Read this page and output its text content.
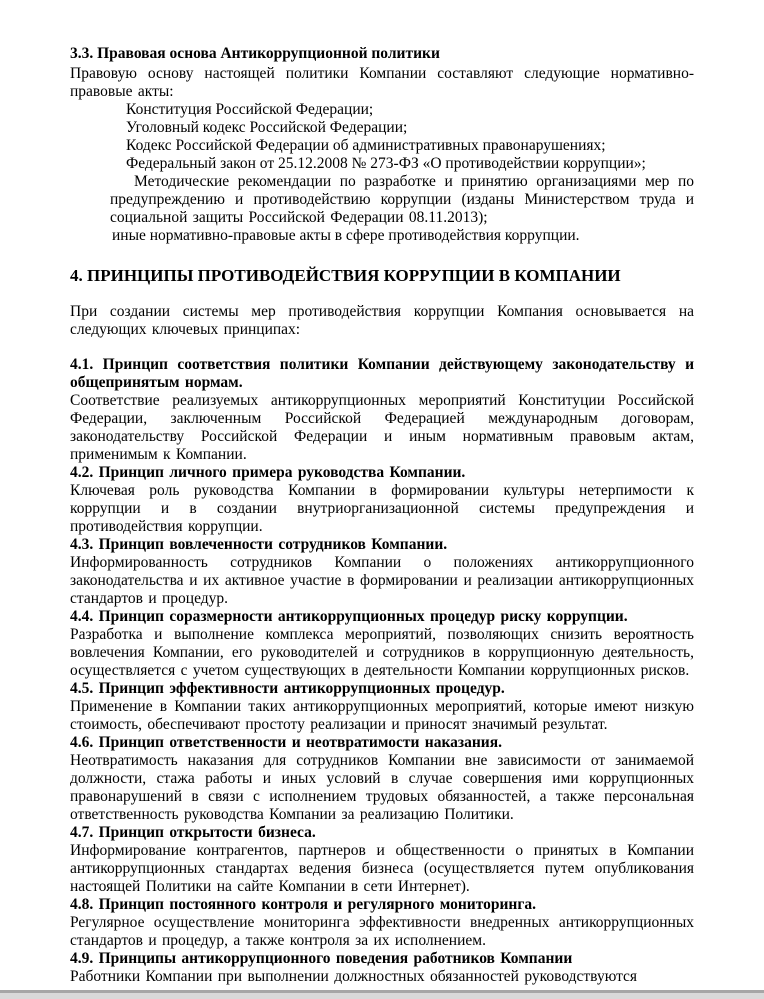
3.3. Правовая основа Антикоррупционной политики

Правовую основу настоящей политики Компании составляют следующие нормативно-правовые акты:

Конституция Российской Федерации;

Уголовный кодекс Российской Федерации;

Кодекс Российской Федерации об административных правонарушениях;

Федеральный закон от 25.12.2008 № 273-ФЗ «О противодействии коррупции»;

Методические рекомендации по разработке и принятию организациями мер по предупреждению и противодействию коррупции (изданы Министерством труда и социальной защиты Российской Федерации 08.11.2013);

иные нормативно-правовые акты в сфере противодействия коррупции.

4. ПРИНЦИПЫ ПРОТИВОДЕЙСТВИЯ КОРРУПЦИИ В КОМПАНИИ

При создании системы мер противодействия коррупции Компания основывается на следующих ключевых принципах:

4.1. Принцип соответствия политики Компании действующему законодательству и общепринятым нормам.

Соответствие реализуемых антикоррупционных мероприятий Конституции Российской Федерации, заключенным Российской Федерацией международным договорам, законодательству Российской Федерации и иным нормативным правовым актам, применимым к Компании.

4.2. Принцип личного примера руководства Компании.

Ключевая роль руководства Компании в формировании культуры нетерпимости к коррупции и в создании внутриорганизационной системы предупреждения и противодействия коррупции.

4.3. Принцип вовлеченности сотрудников Компании.

Информированность сотрудников Компании о положениях антикоррупционного законодательства и их активное участие в формировании и реализации антикоррупционных стандартов и процедур.

4.4. Принцип соразмерности антикоррупционных процедур риску коррупции.

Разработка и выполнение комплекса мероприятий, позволяющих снизить вероятность вовлечения Компании, его руководителей и сотрудников в коррупционную деятельность, осуществляется с учетом существующих в деятельности Компании коррупционных рисков.

4.5. Принцип эффективности антикоррупционных процедур.

Применение в Компании таких антикоррупционных мероприятий, которые имеют низкую стоимость, обеспечивают простоту реализации и приносят значимый результат.

4.6. Принцип ответственности и неотвратимости наказания.

Неотвратимость наказания для сотрудников Компании вне зависимости от занимаемой должности, стажа работы и иных условий в случае совершения ими коррупционных правонарушений в связи с исполнением трудовых обязанностей, а также персональная ответственность руководства Компании за реализацию Политики.

4.7. Принцип открытости бизнеса.

Информирование контрагентов, партнеров и общественности о принятых в Компании антикоррупционных стандартах ведения бизнеса (осуществляется путем опубликования настоящей Политики на сайте Компании в сети Интернет).

4.8. Принцип постоянного контроля и регулярного мониторинга.

Регулярное осуществление мониторинга эффективности внедренных антикоррупционных стандартов и процедур, а также контроля за их исполнением.

4.9. Принципы антикоррупционного поведения работников Компании

Работники Компании при выполнении должностных обязанностей руководствуются
